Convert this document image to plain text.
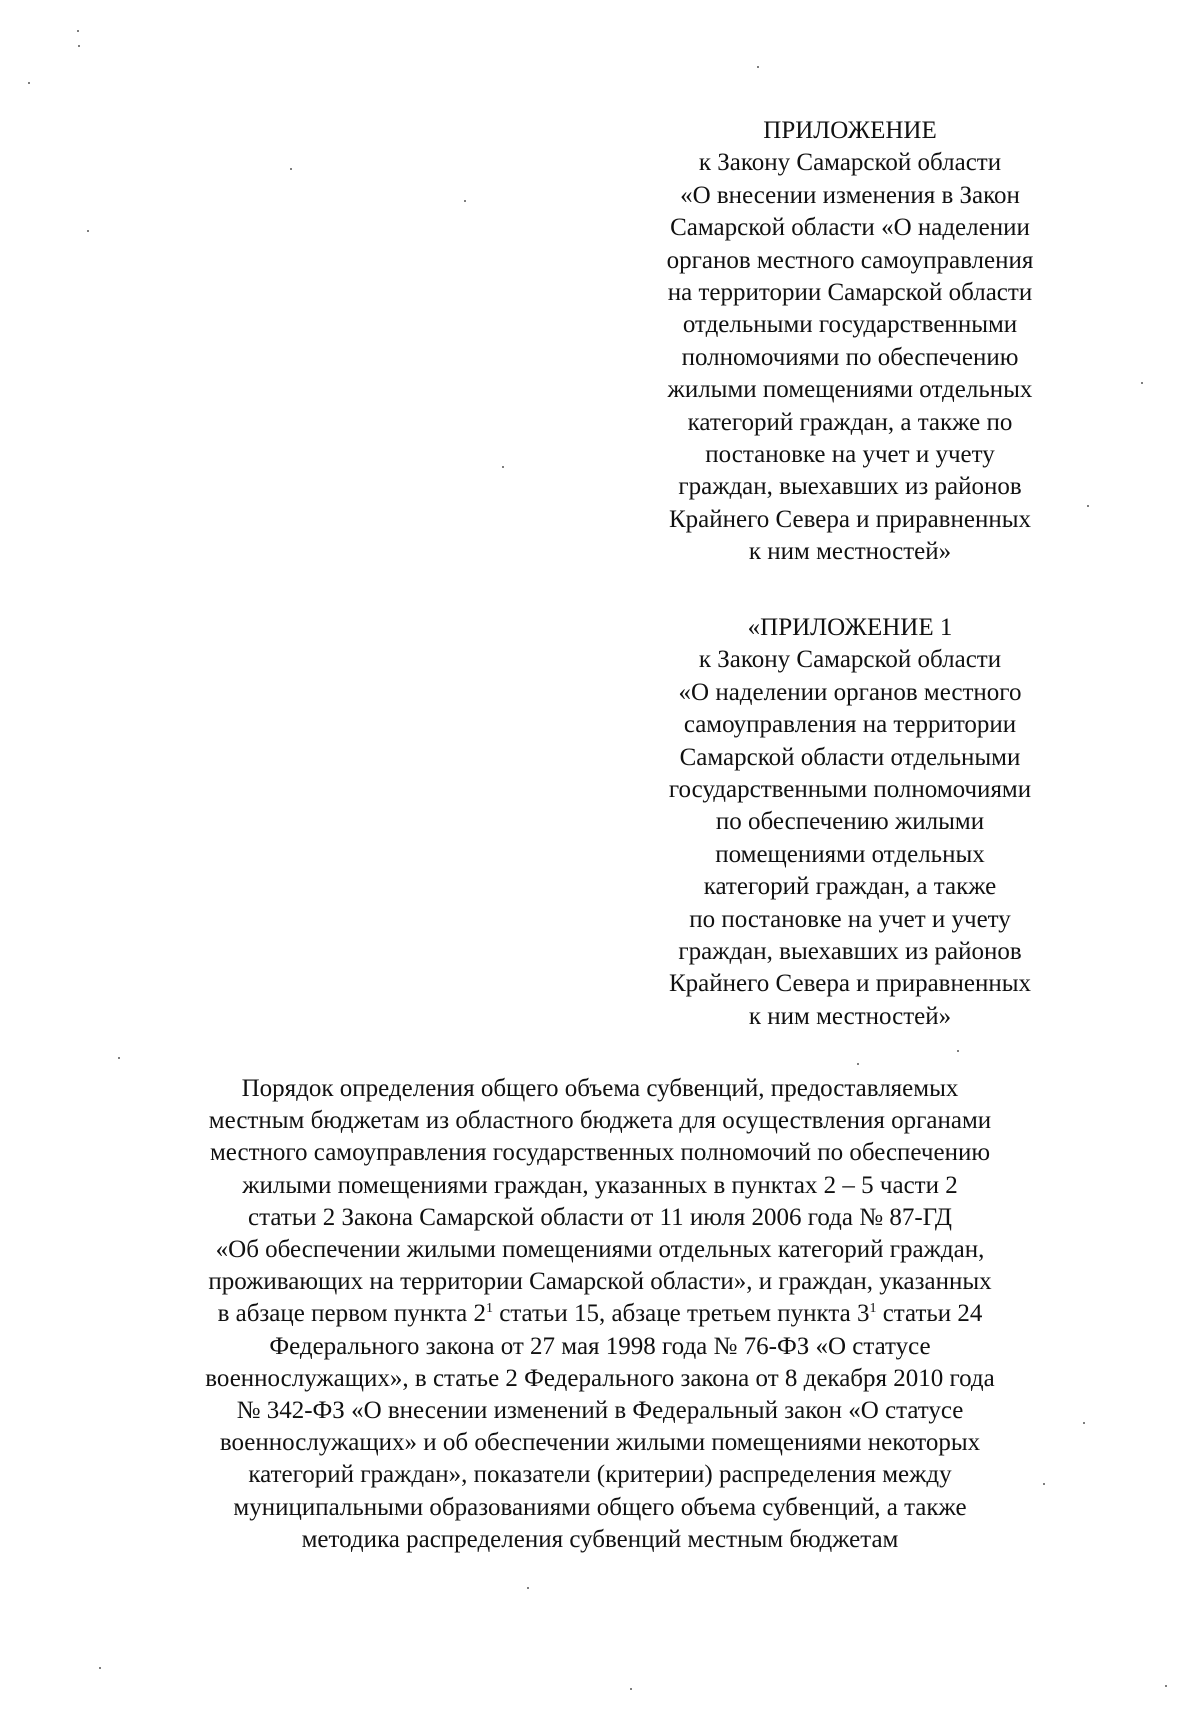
ПРИЛОЖЕНИЕ
к Закону Самарской области
«О внесении изменения в Закон
Самарской области «О наделении
органов местного самоуправления
на территории Самарской области
отдельными государственными
полномочиями по обеспечению
жилыми помещениями отдельных
категорий граждан, а также по
постановке на учет и учету
граждан, выехавших из районов
Крайнего Севера и приравненных
к ним местностей»
«ПРИЛОЖЕНИЕ 1
к Закону Самарской области
«О наделении органов местного
самоуправления на территории
Самарской области отдельными
государственными полномочиями
по обеспечению жилыми
помещениями отдельных
категорий граждан, а также
по постановке на учет и учету
граждан, выехавших из районов
Крайнего Севера и приравненных
к ним местностей»
Порядок определения общего объема субвенций, предоставляемых
местным бюджетам из областного бюджета для осуществления органами
местного самоуправления государственных полномочий по обеспечению
жилыми помещениями граждан, указанных в пунктах 2 – 5 части 2
статьи 2 Закона Самарской области от 11 июля 2006 года № 87-ГД
«Об обеспечении жилыми помещениями отдельных категорий граждан,
проживающих на территории Самарской области», и граждан, указанных
в абзаце первом пункта $2^1$ статьи 15, абзаце третьем пункта $3^1$ статьи 24
Федерального закона от 27 мая 1998 года № 76-ФЗ «О статусе
военнослужащих», в статье 2 Федерального закона от 8 декабря 2010 года
№ 342-ФЗ «О внесении изменений в Федеральный закон «О статусе
военнослужащих» и об обеспечении жилыми помещениями некоторых
категорий граждан», показатели (критерии) распределения между
муниципальными образованиями общего объема субвенций, а также
методика распределения субвенций местным бюджетам
